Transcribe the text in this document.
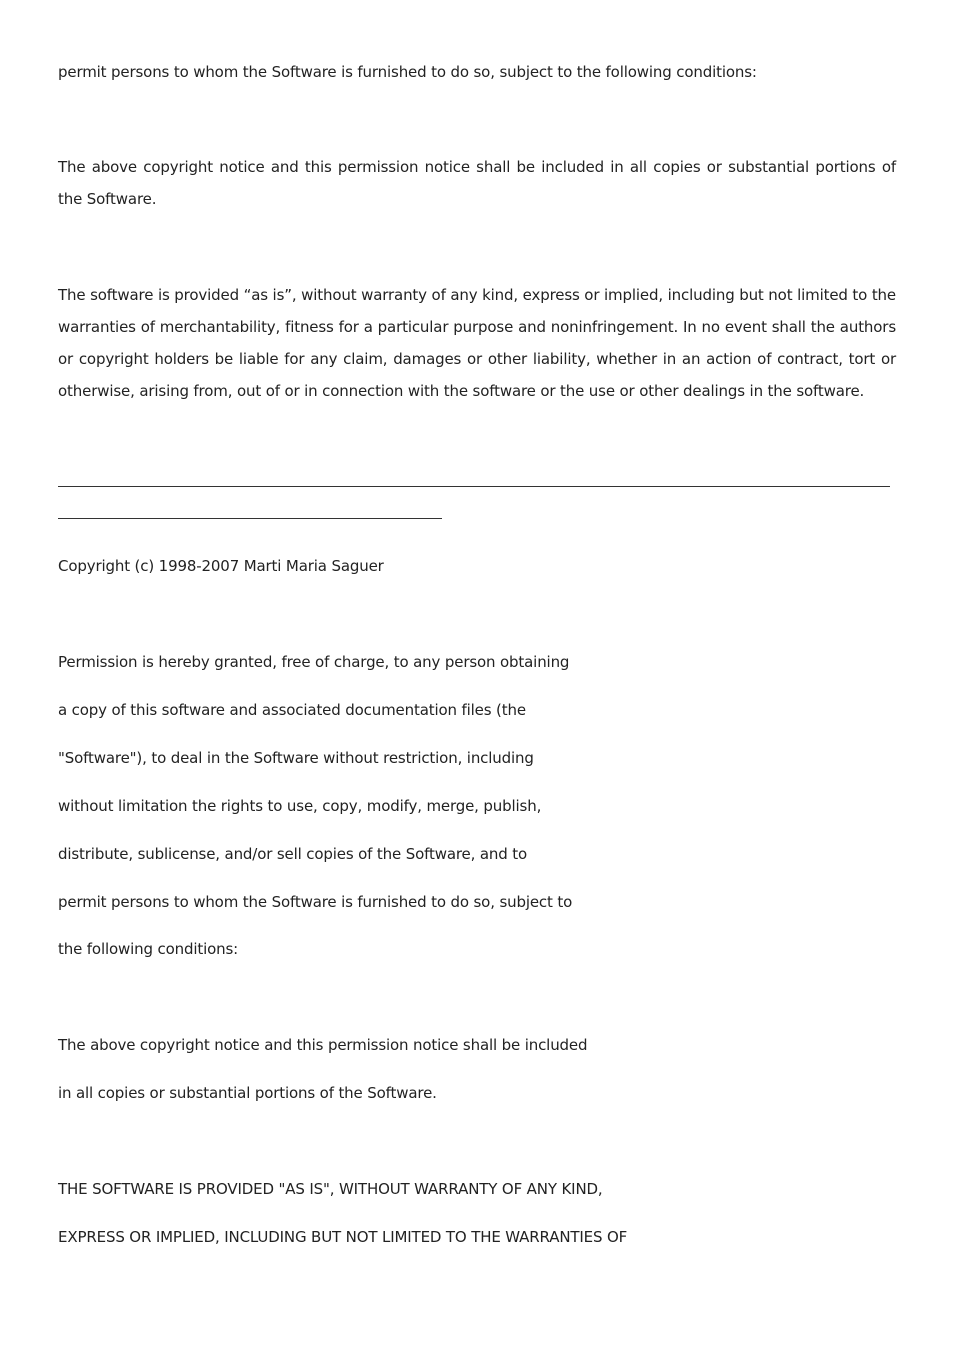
permit persons to whom the Software is furnished to do so, subject to the following conditions:
The above copyright notice and this permission notice shall be included in all copies or substantial portions of
the Software.
The software is provided “as is”, without warranty of any kind, express or implied, including but not limited to the
warranties of merchantability, fitness for a particular purpose and noninfringement. In no event shall the authors
or copyright holders be liable for any claim, damages or other liability, whether in an action of contract, tort or
otherwise, arising from, out of or in connection with the software or the use or other dealings in the software.
Copyright (c) 1998-2007 Marti Maria Saguer
Permission is hereby granted, free of charge, to any person obtaining
a copy of this software and associated documentation files (the
"Software"), to deal in the Software without restriction, including
without limitation the rights to use, copy, modify, merge, publish,
distribute, sublicense, and/or sell copies of the Software, and to
permit persons to whom the Software is furnished to do so, subject to
the following conditions:
The above copyright notice and this permission notice shall be included
in all copies or substantial portions of the Software.
THE SOFTWARE IS PROVIDED "AS IS", WITHOUT WARRANTY OF ANY KIND,
EXPRESS OR IMPLIED, INCLUDING BUT NOT LIMITED TO THE WARRANTIES OF
